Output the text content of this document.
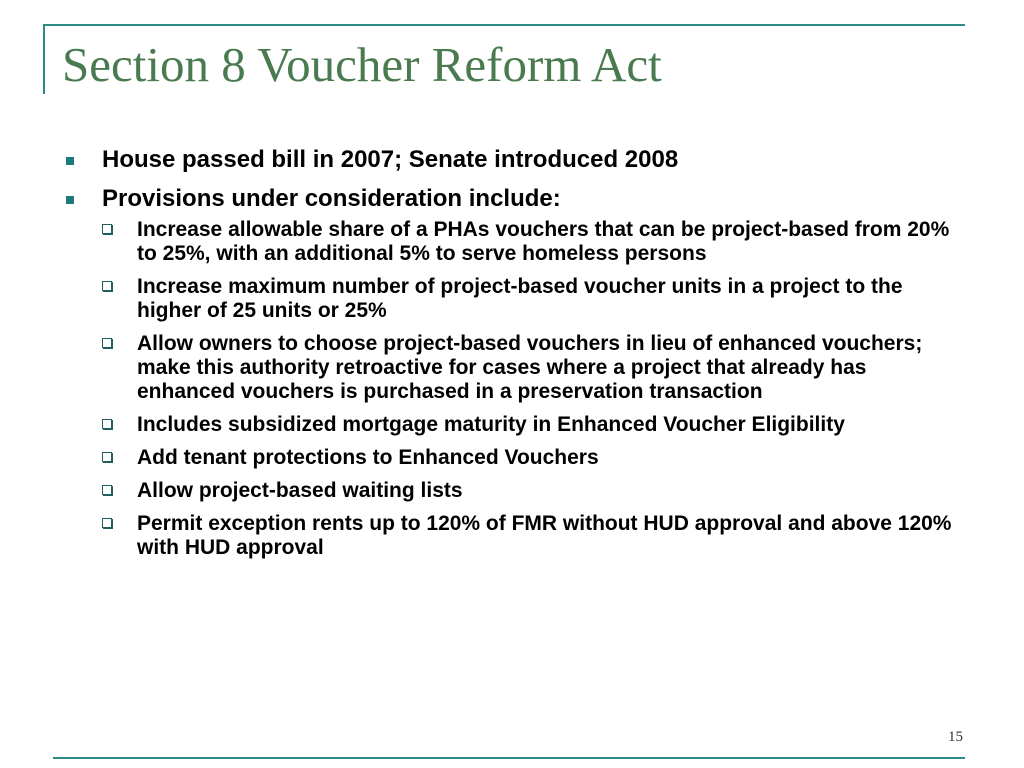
Section 8 Voucher Reform Act
House passed bill in 2007; Senate introduced 2008
Provisions under consideration include:
Increase allowable share of a PHAs vouchers that can be project-based from 20% to 25%, with an additional 5% to serve homeless persons
Increase maximum number of project-based voucher units in a project to the higher of 25 units or 25%
Allow owners to choose project-based vouchers in lieu of enhanced vouchers; make this authority retroactive for cases where a project that already has enhanced vouchers is purchased in a preservation transaction
Includes subsidized mortgage maturity in Enhanced Voucher Eligibility
Add tenant protections to Enhanced Vouchers
Allow project-based waiting lists
Permit exception rents up to 120% of FMR without HUD approval and above 120% with HUD approval
15
